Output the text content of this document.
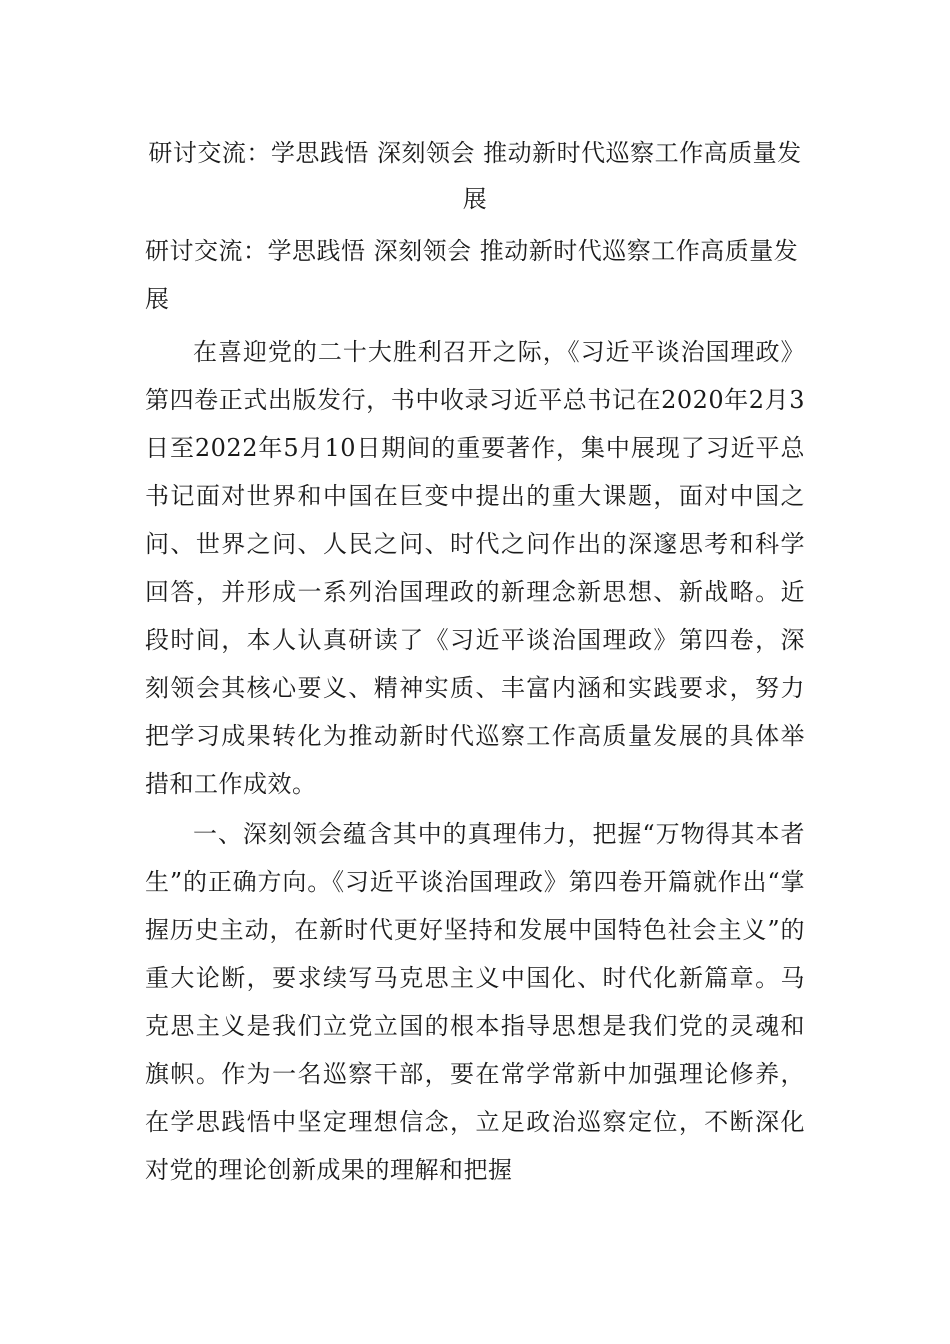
研讨交流：学思践悟 深刻领会 推动新时代巡察工作高质量发展
研讨交流：学思践悟 深刻领会 推动新时代巡察工作高质量发展

在喜迎党的二十大胜利召开之际，《习近平谈治国理政》第四卷正式出版发行，书中收录习近平总书记在2020年2月3日至2022年5月10日期间的重要著作，集中展现了习近平总书记面对世界和中国在巨变中提出的重大课题，面对中国之问、世界之问、人民之问、时代之问作出的深邃思考和科学回答，并形成一系列治国理政的新理念新思想、新战略。近段时间，本人认真研读了《习近平谈治国理政》第四卷，深刻领会其核心要义、精神实质、丰富内涵和实践要求，努力把学习成果转化为推动新时代巡察工作高质量发展的具体举措和工作成效。

一、深刻领会蕴含其中的真理伟力，把握“万物得其本者生”的正确方向。《习近平谈治国理政》第四卷开篇就作出“掌握历史主动，在新时代更好坚持和发展中国特色社会主义”的重大论断，要求续写马克思主义中国化、时代化新篇章。马克思主义是我们立党立国的根本指导思想是我们党的灵魂和旗帜。作为一名巡察干部，要在常学常新中加强理论修养，在学思践悟中坚定理想信念，立足政治巡察定位，不断深化对党的理论创新成果的理解和把握
